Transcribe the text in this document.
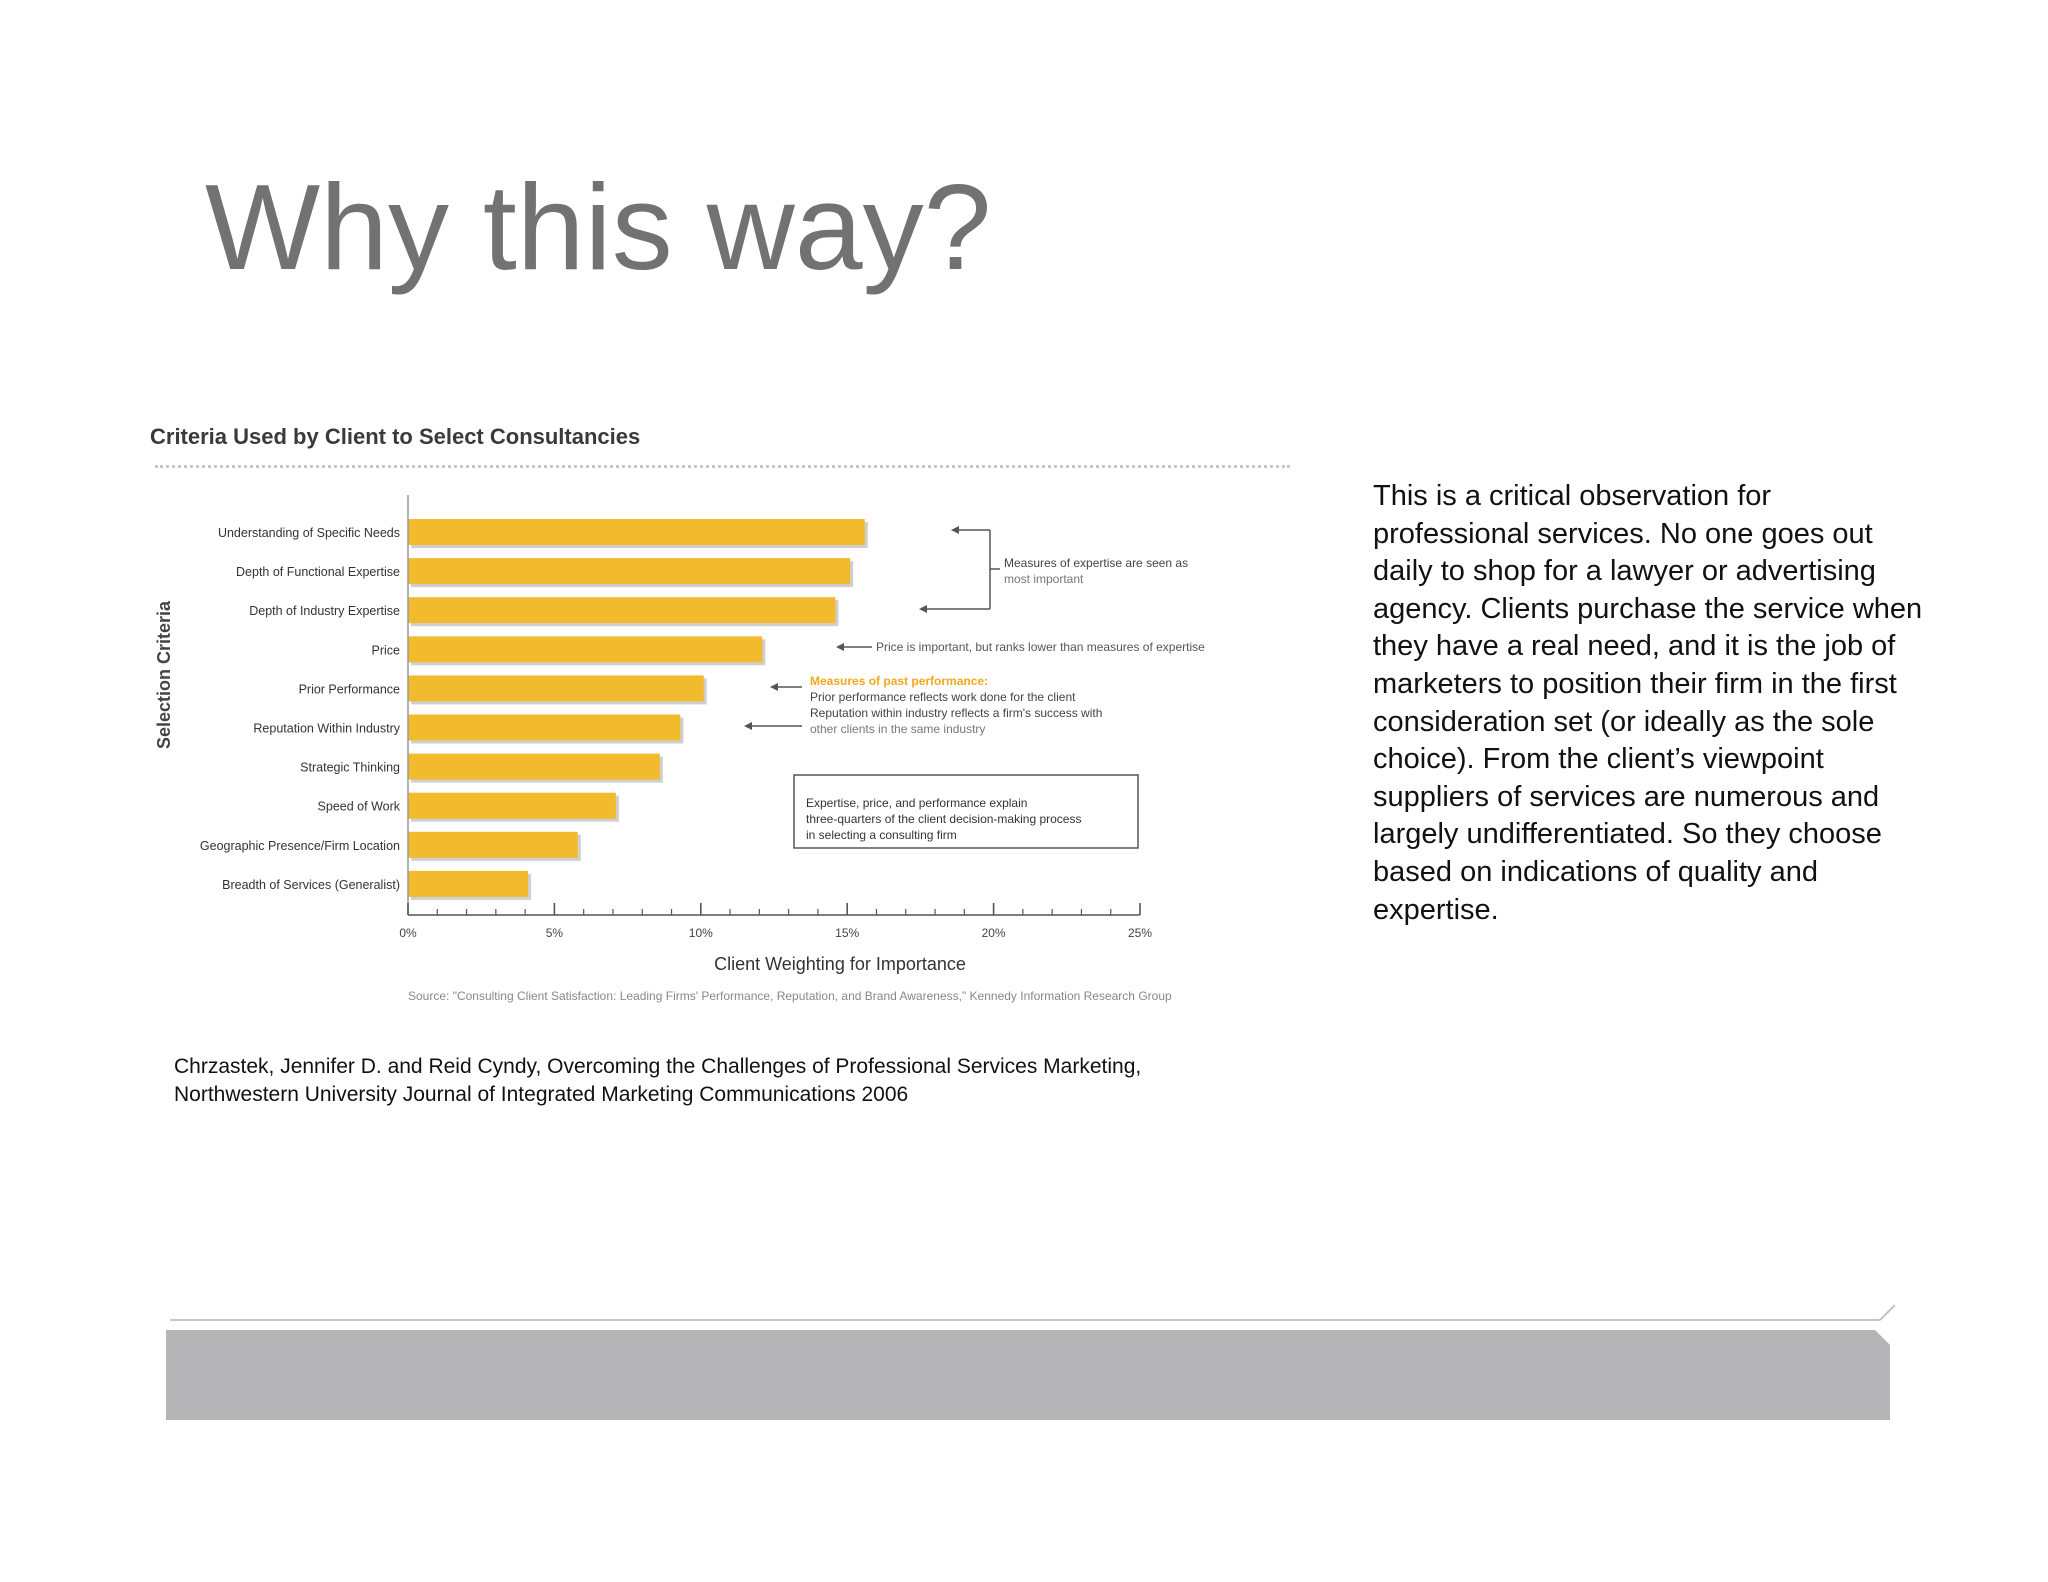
Why this way?
Criteria Used by Client to Select Consultancies
Understanding of Specific Needs
Depth of Functional Expertise
Depth of Industry Expertise
Price
Prior Performance
Reputation Within Industry
Strategic Thinking
Speed of Work
Geographic Presence/Firm Location
Breadth of Services (Generalist)
0%	5%	10%	15%	20%	25%
Selection Criteria
Client Weighting for Importance
Source: "Consulting Client Satisfaction: Leading Firms' Performance, Reputation, and Brand Awareness," Kennedy Information Research Group
Measures of expertise are seen as
most important
Price is important, but ranks lower than measures of expertise
Measures of past performance:
Prior performance reflects work done for the client
Reputation within industry reflects a firm's success with
other clients in the same industry
Expertise, price, and performance explain
three-quarters of the client decision-making process
in selecting a consulting firm
This is a critical observation for professional services. No one goes out daily to shop for a lawyer or advertising agency. Clients purchase the service when they have a real need, and it is the job of marketers to position their firm in the first consideration set (or ideally as the sole choice). From the client’s viewpoint suppliers of services are numerous and largely undifferentiated. So they choose based on indications of quality and expertise.
Chrzastek, Jennifer D. and Reid Cyndy, Overcoming the Challenges of Professional Services Marketing,
Northwestern University Journal of Integrated Marketing Communications 2006
